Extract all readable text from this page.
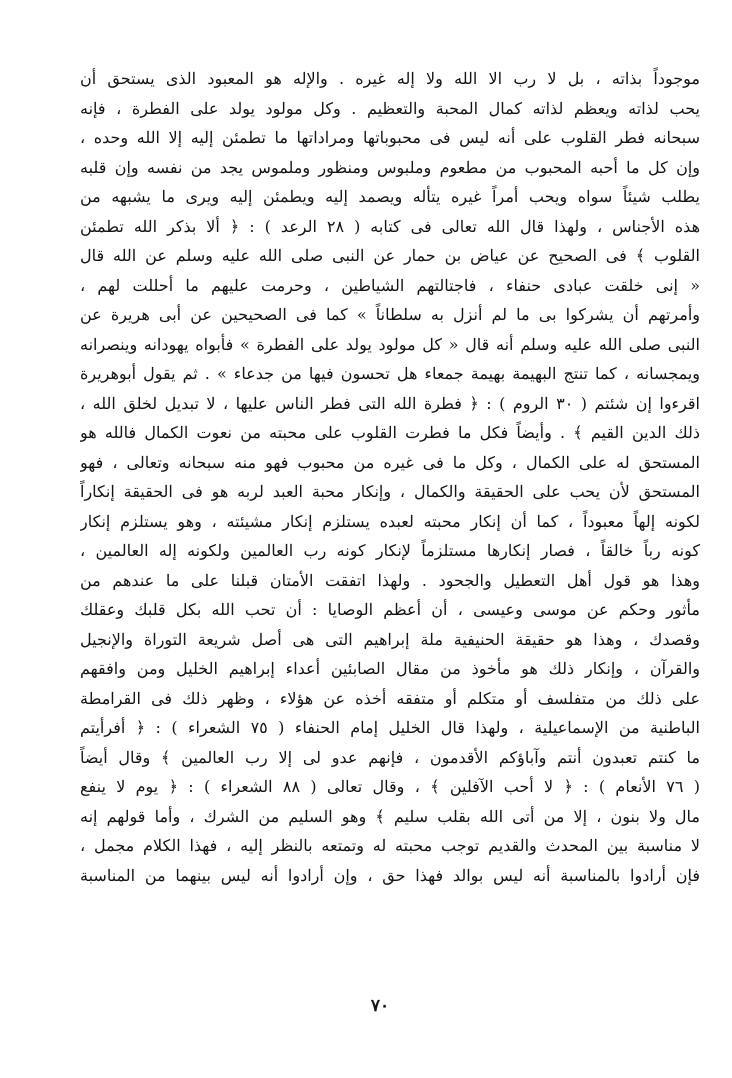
موجوداً بذاته ، بل لا رب الا الله ولا إله غيره . والإله هو المعبود الذى يستحق أن
يحب لذاته ويعظم لذاته كمال المحبة والتعظيم . وكل مولود يولد على الفطرة ، فإنه
سبحانه فطر القلوب على أنه ليس فى محبوباتها ومراداتها ما تطمئن إليه إلا الله وحده ،
وإن كل ما أحبه المحبوب من مطعوم وملبوس ومنظور وملموس يجد من نفسه وإن قلبه
يطلب شيئاً سواه ويحب أمراً غيره يتأله ويصمد إليه ويطمئن إليه ويرى ما يشبهه من
هذه الأجناس ، ولهذا قال الله تعالى فى كتابه ( ٢٨ الرعد ) : ﴿ ألا بذكر الله تطمئن
القلوب ﴾ فى الصحيح عن عياض بن حمار عن النبى صلى الله عليه وسلم عن الله قال
« إنى خلقت عبادى حنفاء ، فاجتالتهم الشياطين ، وحرمت عليهم ما أحللت لهم ،
وأمرتهم أن يشركوا بى ما لم أنزل به سلطاناً » كما فى الصحيحين عن أبى هريرة عن
النبى صلى الله عليه وسلم أنه قال « كل مولود يولد على الفطرة » فأبواه يهودانه وينصرانه
ويمجسانه ، كما تنتج البهيمة بهيمة جمعاء هل تحسون فيها من جدعاء » . ثم يقول أبوهريرة
اقرءوا إن شئتم ( ٣٠ الروم ) : ﴿ فطرة الله التى فطر الناس عليها ، لا تبديل لخلق الله ،
ذلك الدين القيم ﴾ . وأيضاً فكل ما فطرت القلوب على محبته من نعوت الكمال فالله هو
المستحق له على الكمال ، وكل ما فى غيره من محبوب فهو منه سبحانه وتعالى ، فهو
المستحق لأن يحب على الحقيقة والكمال ، وإنكار محبة العبد لربه هو فى الحقيقة إنكاراً
لكونه إلهاً معبوداً ، كما أن إنكار محبته لعبده يستلزم إنكار مشيئته ، وهو يستلزم إنكار
كونه رباً خالقاً ، فصار إنكارها مستلزماً لإنكار كونه رب العالمين ولكونه إله العالمين ،
وهذا هو قول أهل التعطيل والجحود . ولهذا اتفقت الأمتان قبلنا على ما عندهم من
مأثور وحكم عن موسى وعيسى ، أن أعظم الوصايا : أن تحب الله بكل قلبك وعقلك
وقصدك ، وهذا هو حقيقة الحنيفية ملة إبراهيم التى هى أصل شريعة التوراة والإنجيل
والقرآن ، وإنكار ذلك هو مأخوذ من مقال الصابئين أعداء إبراهيم الخليل ومن وافقهم
على ذلك من متفلسف أو متكلم أو متفقه أخذه عن هؤلاء ، وظهر ذلك فى القرامطة
الباطنية من الإسماعيلية ، ولهذا قال الخليل إمام الحنفاء ( ٧٥ الشعراء ) : ﴿ أفرأيتم
ما كنتم تعبدون أنتم وآباؤكم الأقدمون ، فإنهم عدو لى إلا رب العالمين ﴾ وقال أيضاً
( ٧٦ الأنعام ) : ﴿ لا أحب الآفلين ﴾ ، وقال تعالى ( ٨٨ الشعراء ) : ﴿ يوم لا ينفع
مال ولا بنون ، إلا من أتى الله بقلب سليم ﴾ وهو السليم من الشرك ، وأما قولهم إنه
لا مناسبة بين المحدث والقديم توجب محبته له وتمتعه بالنظر إليه ، فهذا الكلام مجمل ،
فإن أرادوا بالمناسبة أنه ليس بوالد فهذا حق ، وإن أرادوا أنه ليس بينهما من المناسبة
٧٠
